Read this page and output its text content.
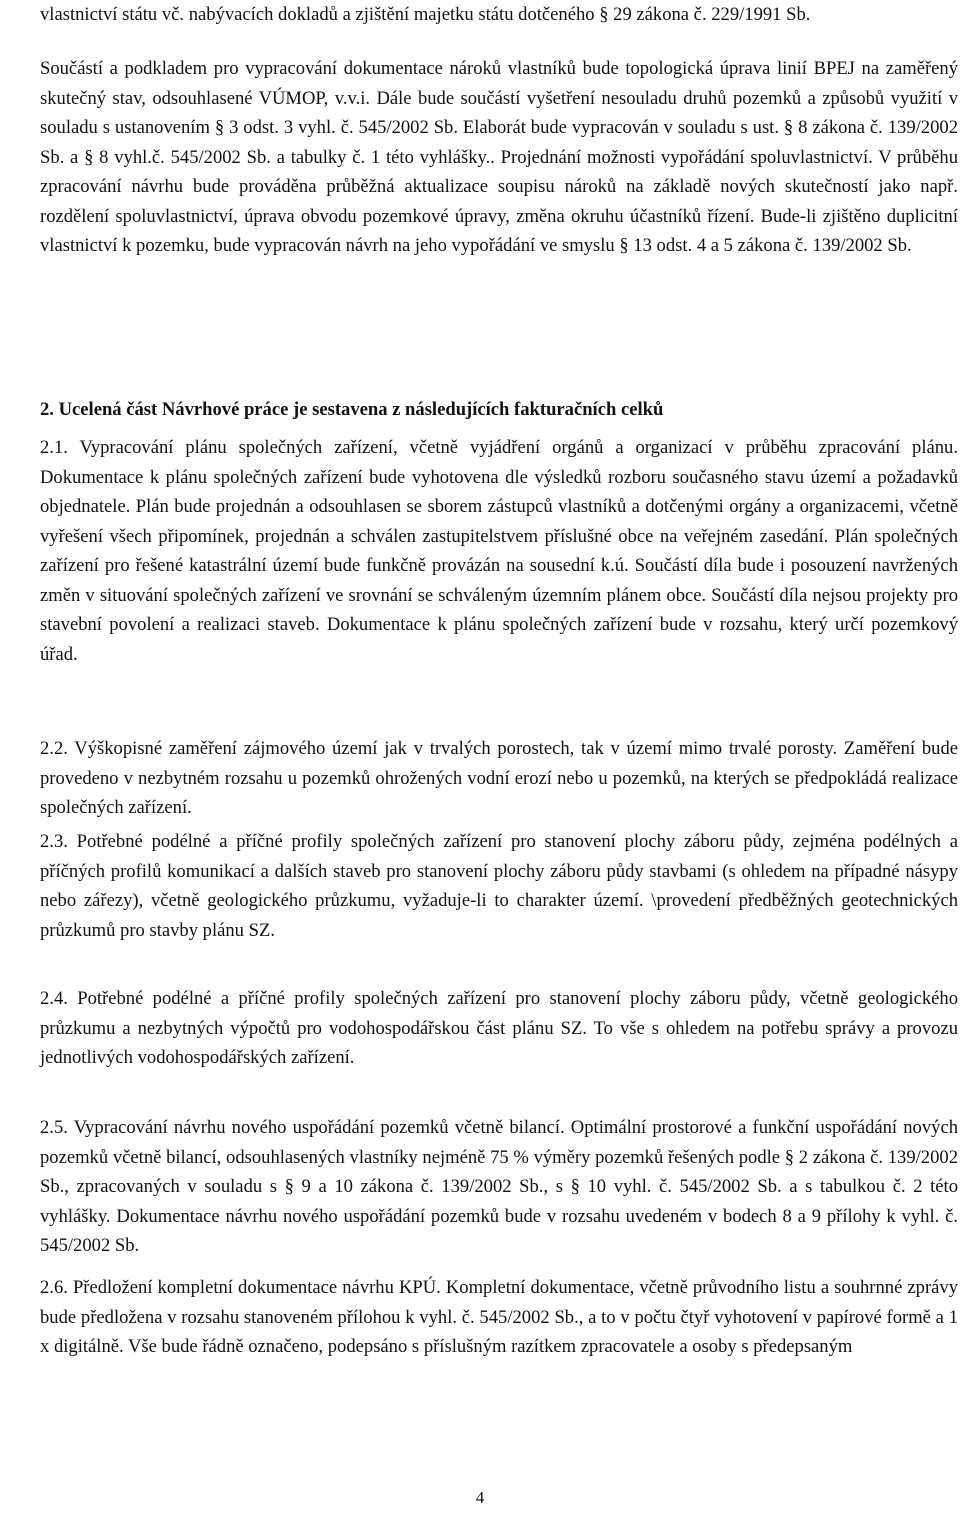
vlastnictví státu vč. nabývacích dokladů a zjištění majetku státu dotčeného § 29 zákona č. 229/1991 Sb.

Součástí a podkladem pro vypracování dokumentace nároků vlastníků bude topologická úprava linií BPEJ na zaměřený skutečný stav, odsouhlasené VÚMOP, v.v.i. Dále bude součástí vyšetření nesouladu druhů pozemků a způsobů využití v souladu s ustanovením § 3 odst. 3 vyhl. č. 545/2002 Sb. Elaborát bude vypracován v souladu s ust. § 8 zákona č. 139/2002 Sb. a § 8 vyhl.č. 545/2002 Sb. a tabulky č. 1 této vyhlášky.. Projednání možnosti vypořádání spoluvlastnictví. V průběhu zpracování návrhu bude prováděna průběžná aktualizace soupisu nároků na základě nových skutečností jako např. rozdělení spoluvlastnictví, úprava obvodu pozemkové úpravy, změna okruhu účastníků řízení. Bude-li zjištěno duplicitní vlastnictví k pozemku, bude vypracován návrh na jeho vypořádání ve smyslu § 13 odst. 4 a 5 zákona č. 139/2002 Sb.

2. Ucelená část Návrhové práce je sestavena z následujících fakturačních celků

2.1. Vypracování plánu společných zařízení, včetně vyjádření orgánů a organizací v průběhu zpracování plánu. Dokumentace k plánu společných zařízení bude vyhotovena dle výsledků rozboru současného stavu území a požadavků objednatele. Plán bude projednán a odsouhlasen se sborem zástupců vlastníků a dotčenými orgány a organizacemi, včetně vyřešení všech připomínek, projednán a schválen zastupitelstvem příslušné obce na veřejném zasedání. Plán společných zařízení pro řešené katastrální území bude funkčně provázán na sousední k.ú. Součástí díla bude i posouzení navržených změn v situování společných zařízení ve srovnání se schváleným územním plánem obce. Součástí díla nejsou projekty pro stavební povolení a realizaci staveb. Dokumentace k plánu společných zařízení bude v rozsahu, který určí pozemkový úřad.

2.2. Výškopisné zaměření zájmového území jak v trvalých porostech, tak v území mimo trvalé porosty. Zaměření bude provedeno v nezbytném rozsahu u pozemků ohrožených vodní erozí nebo u pozemků, na kterých se předpokládá realizace společných zařízení.

2.3. Potřebné podélné a příčné profily společných zařízení pro stanovení plochy záboru půdy, zejména podélných a příčných profilů komunikací a dalších staveb pro stanovení plochy záboru půdy stavbami (s ohledem na případné násypy nebo zářezy), včetně geologického průzkumu, vyžaduje-li to charakter území. \provedení předběžných geotechnických průzkumů pro stavby plánu SZ.

2.4. Potřebné podélné a příčné profily společných zařízení pro stanovení plochy záboru půdy, včetně geologického průzkumu a nezbytných výpočtů pro vodohospodářskou část plánu SZ. To vše s ohledem na potřebu správy a provozu jednotlivých vodohospodářských zařízení.

2.5. Vypracování návrhu nového uspořádání pozemků včetně bilancí. Optimální prostorové a funkční uspořádání nových pozemků včetně bilancí, odsouhlasených vlastníky nejméně 75 % výměry pozemků řešených podle § 2 zákona č. 139/2002 Sb., zpracovaných v souladu s § 9 a 10 zákona č. 139/2002 Sb., s § 10 vyhl. č. 545/2002 Sb. a s tabulkou č. 2 této vyhlášky. Dokumentace návrhu nového uspořádání pozemků bude v rozsahu uvedeném v bodech 8 a 9 přílohy k vyhl. č. 545/2002 Sb.

2.6. Předložení kompletní dokumentace návrhu KPÚ. Kompletní dokumentace, včetně průvodního listu a souhrnné zprávy bude předložena v rozsahu stanoveném přílohou k vyhl. č. 545/2002 Sb., a to v počtu čtyř vyhotovení v papírové formě a 1 x digitálně. Vše bude řádně označeno, podepsáno s příslušným razítkem zpracovatele a osoby s předepsaným

4
